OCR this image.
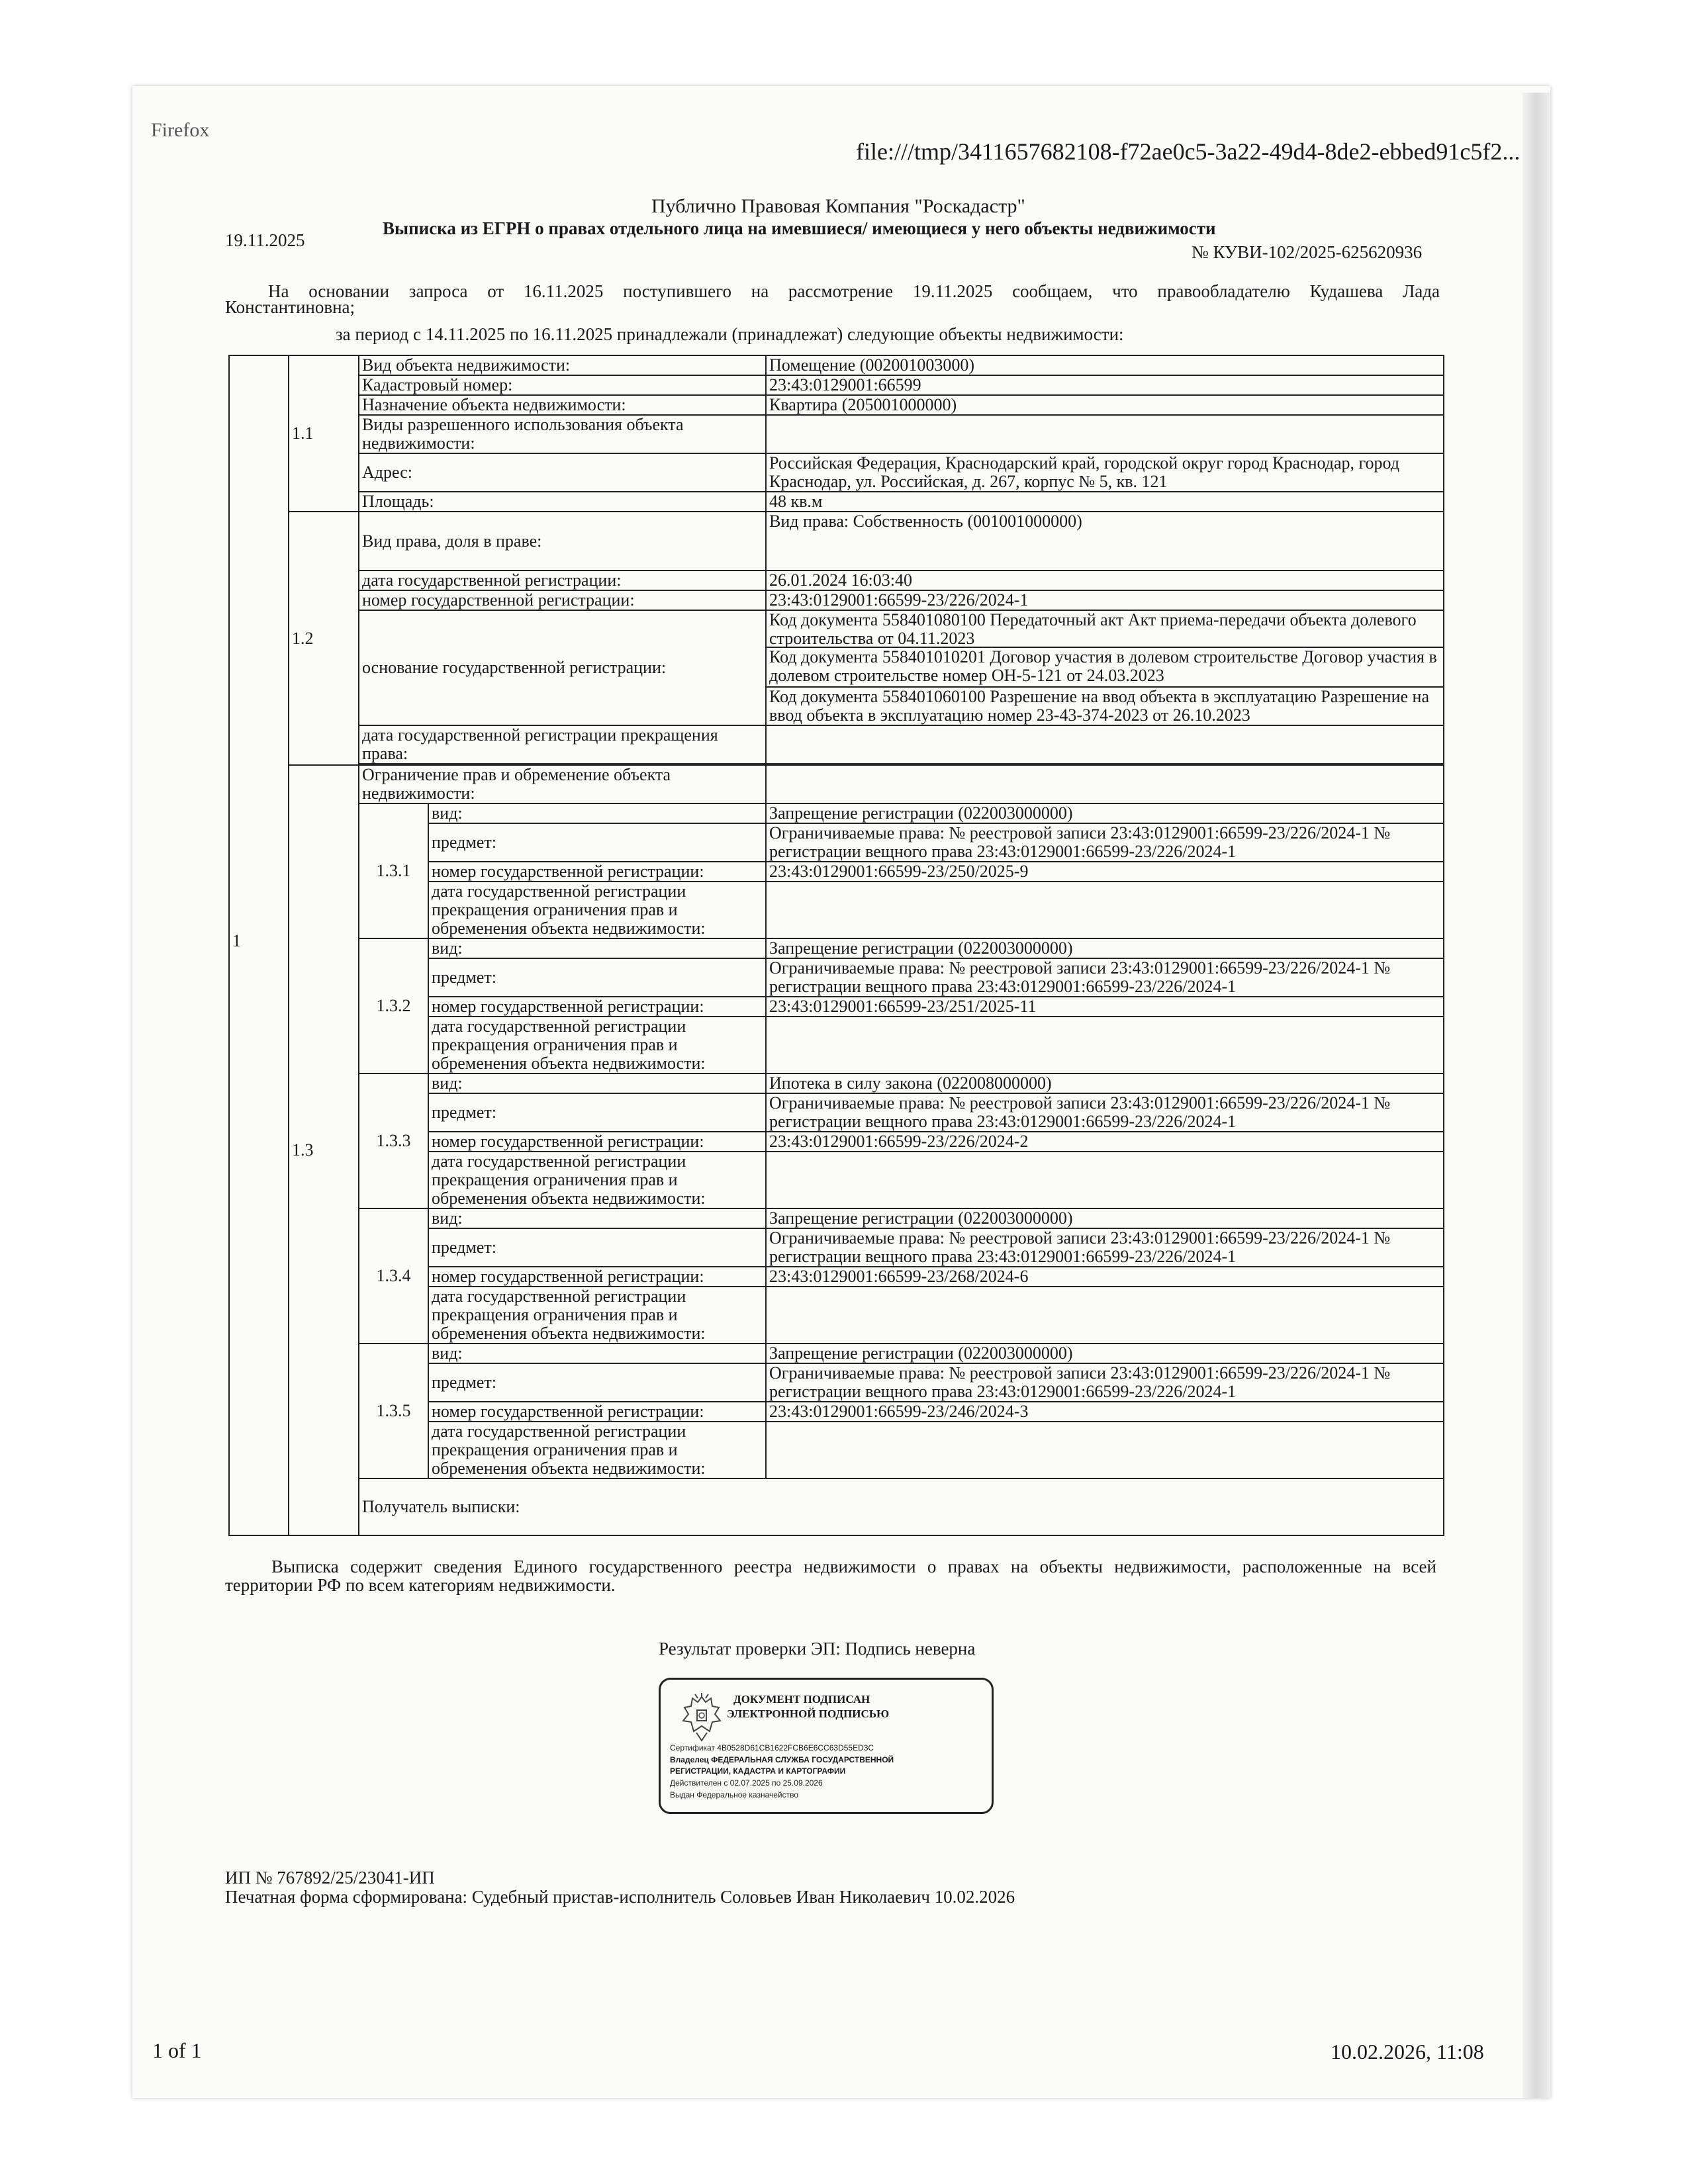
Firefox
file:///tmp/3411657682108-f72ae0c5-3a22-49d4-8de2-ebbed91c5f2...
Публично Правовая Компания "Роскадастр"
Выписка из ЕГРН о правах отдельного лица на имевшиеся/ имеющиеся у него объекты недвижимости
19.11.2025
№ КУВИ-102/2025-625620936
На основании запроса от 16.11.2025 поступившего на рассмотрение 19.11.2025 сообщаем, что правообладателю Кудашева Лада
Константиновна;
за период с 14.11.2025 по 16.11.2025 принадлежали (принадлежат) следующие объекты недвижимости:
1	1.1	Вид объекта недвижимости:		Помещение (002001003000)	
		Кадастровый номер:		23:43:0129001:66599	
		Назначение объекта недвижимости:		Квартира (205001000000)	
		Виды разрешенного использования объекта недвижимости:			
		Адрес:		Российская Федерация, Краснодарский край, городской округ город Краснодар, город Краснодар, ул. Российская, д. 267, корпус № 5, кв. 121	
		Площадь:		48 кв.м	
	1.2	Вид права, доля в праве:		Вид права: Собственность (001001000000)	
		дата государственной регистрации:		26.01.2024 16:03:40	
		номер государственной регистрации:		23:43:0129001:66599-23/226/2024-1	
		основание государственной регистрации:		Код документа 558401080100 Передаточный акт Акт приема-передачи объекта долевого строительства от 04.11.2023
Код документа 558401010201 Договор участия в долевом строительстве Договор участия в долевом строительстве номер ОН-5-121 от 24.03.2023
Код документа 558401060100 Разрешение на ввод объекта в эксплуатацию Разрешение на ввод объекта в эксплуатацию номер 23-43-374-2023 от 26.10.2023	

		дата государственной регистрации прекращения права:			

	1.3	Ограничение прав и обременение объекта недвижимости:			
		1.3.1	вид:	Запрещение регистрации (022003000000)	
			предмет:	Ограничиваемые права: № реестровой записи 23:43:0129001:66599-23/226/2024-1 № регистрации вещного права 23:43:0129001:66599-23/226/2024-1	
			номер государственной регистрации:	23:43:0129001:66599-23/250/2025-9	
			дата государственной регистрации прекращения ограничения прав и обременения объекта недвижимости:		
		1.3.2	вид:	Запрещение регистрации (022003000000)	
			предмет:	Ограничиваемые права: № реестровой записи 23:43:0129001:66599-23/226/2024-1 № регистрации вещного права 23:43:0129001:66599-23/226/2024-1	
			номер государственной регистрации:	23:43:0129001:66599-23/251/2025-11	
			дата государственной регистрации прекращения ограничения прав и обременения объекта недвижимости:		
		1.3.3	вид:	Ипотека в силу закона (022008000000)	
			предмет:	Ограничиваемые права: № реестровой записи 23:43:0129001:66599-23/226/2024-1 № регистрации вещного права 23:43:0129001:66599-23/226/2024-1	
			номер государственной регистрации:	23:43:0129001:66599-23/226/2024-2	
			дата государственной регистрации прекращения ограничения прав и обременения объекта недвижимости:		
		1.3.4	вид:	Запрещение регистрации (022003000000)	
			предмет:	Ограничиваемые права: № реестровой записи 23:43:0129001:66599-23/226/2024-1 № регистрации вещного права 23:43:0129001:66599-23/226/2024-1	
			номер государственной регистрации:	23:43:0129001:66599-23/268/2024-6	
			дата государственной регистрации прекращения ограничения прав и обременения объекта недвижимости:		
		1.3.5	вид:	Запрещение регистрации (022003000000)	
			предмет:	Ограничиваемые права: № реестровой записи 23:43:0129001:66599-23/226/2024-1 № регистрации вещного права 23:43:0129001:66599-23/226/2024-1	
			номер государственной регистрации:	23:43:0129001:66599-23/246/2024-3	
			дата государственной регистрации прекращения ограничения прав и обременения объекта недвижимости:		
		Получатель выписки:	
Выписка содержит сведения Единого государственного реестра недвижимости о правах на объекты недвижимости, расположенные на всей
территории РФ по всем категориям недвижимости.
Результат проверки ЭП: Подпись неверна
ДОКУМЕНТ ПОДПИСАН
ЭЛЕКТРОННОЙ ПОДПИСЬЮ
Сертификат 4B0528D61CB1622FCB6E6CC63D55ED3C
Владелец ФЕДЕРАЛЬНАЯ СЛУЖБА ГОСУДАРСТВЕННОЙ
РЕГИСТРАЦИИ, КАДАСТРА И КАРТОГРАФИИ
Действителен с 02.07.2025 по 25.09.2026
Выдан Федеральное казначейство
ИП № 767892/25/23041-ИП
Печатная форма сформирована: Судебный пристав-исполнитель Соловьев Иван Николаевич 10.02.2026
1 of 1	10.02.2026, 11:08
